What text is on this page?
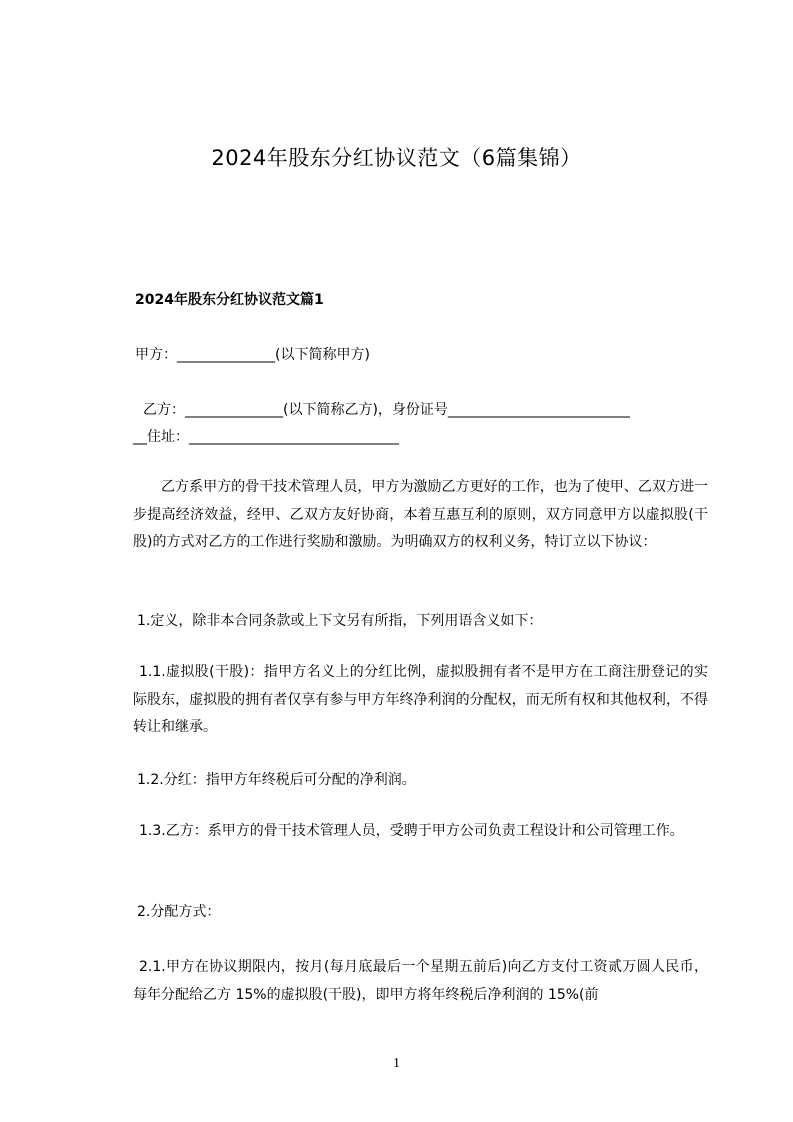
2024年股东分红协议范文（6篇集锦）
2024年股东分红协议范文篇1
甲方：______________(以下简称甲方)
乙方：______________(以下简称乙方)，身份证号__________________________
__住址：______________________________
乙方系甲方的骨干技术管理人员，甲方为激励乙方更好的工作，也为了使甲、乙双方进一步提高经济效益，经甲、乙双方友好协商，本着互惠互利的原则，双方同意甲方以虚拟股(干股)的方式对乙方的工作进行奖励和激励。为明确双方的权利义务，特订立以下协议：
1.定义，除非本合同条款或上下文另有所指，下列用语含义如下：
1.1.虚拟股(干股)：指甲方名义上的分红比例，虚拟股拥有者不是甲方在工商注册登记的实际股东，虚拟股的拥有者仅享有参与甲方年终净利润的分配权，而无所有权和其他权利，不得转让和继承。
1.2.分红：指甲方年终税后可分配的净利润。
1.3.乙方：系甲方的骨干技术管理人员，受聘于甲方公司负责工程设计和公司管理工作。
2.分配方式：
2.1.甲方在协议期限内，按月(每月底最后一个星期五前后)向乙方支付工资贰万圆人民币，每年分配给乙方 15%的虚拟股(干股)，即甲方将年终税后净利润的 15%(前
1
